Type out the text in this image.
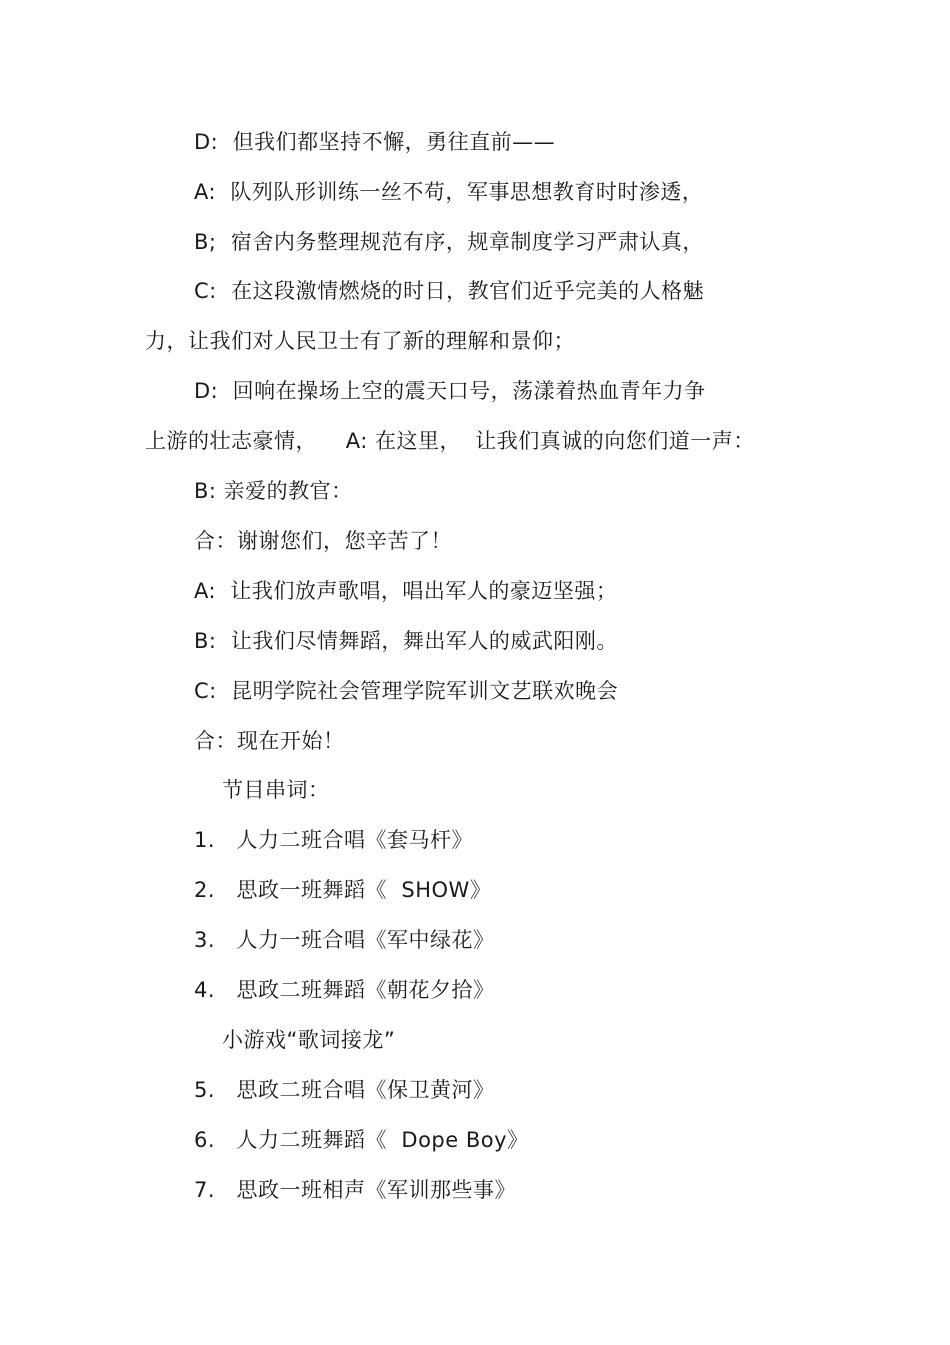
D:  但我们都坚持不懈，勇往直前——
A:  队列队形训练一丝不苟，军事思想教育时时渗透，
B;  宿舍内务整理规范有序，规章制度学习严肃认真，
C:  在这段激情燃烧的时日，教官们近乎完美的人格魅
力，让我们对人民卫士有了新的理解和景仰；
D:  回响在操场上空的震天口号，荡漾着热血青年力争
上游的壮志豪情，    A: 在这里，  让我们真诚的向您们道一声：
B: 亲爱的教官：
合：谢谢您们，您辛苦了！
A:  让我们放声歌唱，唱出军人的豪迈坚强；
B:  让我们尽情舞蹈，舞出军人的威武阳刚。
C:  昆明学院社会管理学院军训文艺联欢晚会
合：现在开始！
节目串词：
1.   人力二班合唱《套马杆》
2.   思政一班舞蹈《  SHOW》
3.   人力一班合唱《军中绿花》
4.   思政二班舞蹈《朝花夕拾》
小游戏“歌词接龙”
5.   思政二班合唱《保卫黄河》
6.   人力二班舞蹈《  Dope Boy》
7.   思政一班相声《军训那些事》
